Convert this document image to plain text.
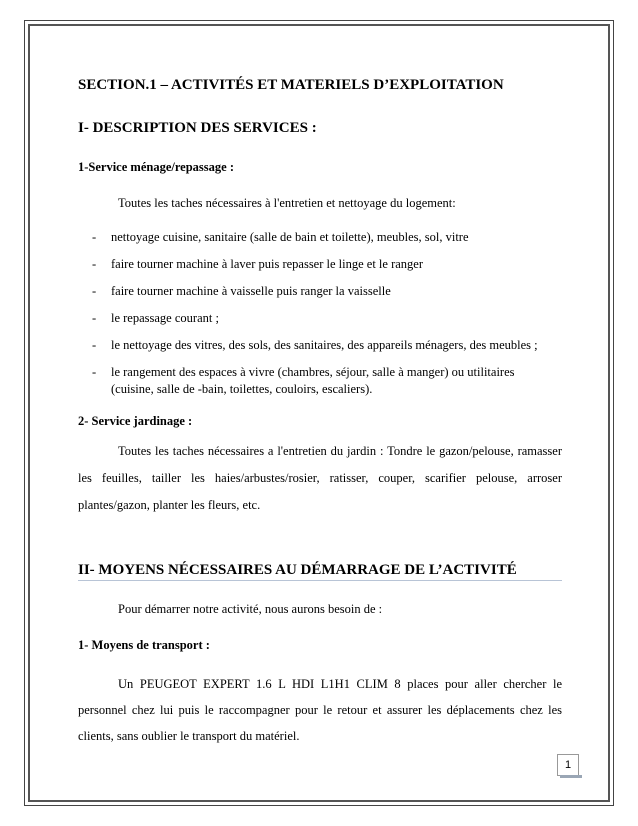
SECTION.1 – ACTIVITÉS ET MATERIELS D’EXPLOITATION
I- DESCRIPTION DES SERVICES :
1-Service ménage/repassage :
Toutes les taches nécessaires à l'entretien et nettoyage du logement:
- nettoyage cuisine, sanitaire (salle de bain et toilette), meubles, sol, vitre
- faire tourner machine à laver puis repasser le linge et le ranger
- faire tourner machine à vaisselle puis ranger la vaisselle
- le repassage courant ;
- le nettoyage des vitres, des sols, des sanitaires, des appareils ménagers, des meubles ;
- le rangement des espaces à vivre (chambres, séjour, salle à manger) ou utilitaires
(cuisine, salle de -bain, toilettes, couloirs, escaliers).
2- Service jardinage :
Toutes les taches nécessaires a l'entretien du jardin : Tondre le gazon/pelouse, ramasser
les feuilles, tailler les haies/arbustes/rosier, ratisser, couper, scarifier pelouse, arroser
plantes/gazon, planter les fleurs, etc.
II- MOYENS NÉCESSAIRES AU DÉMARRAGE DE L’ACTIVITÉ
Pour démarrer notre activité, nous aurons besoin de :
1- Moyens de transport :
Un PEUGEOT EXPERT 1.6 L HDI L1H1 CLIM 8 places pour aller chercher le
personnel chez lui puis le raccompagner pour le retour et assurer les déplacements chez les
clients, sans oublier le transport du matériel.
1
